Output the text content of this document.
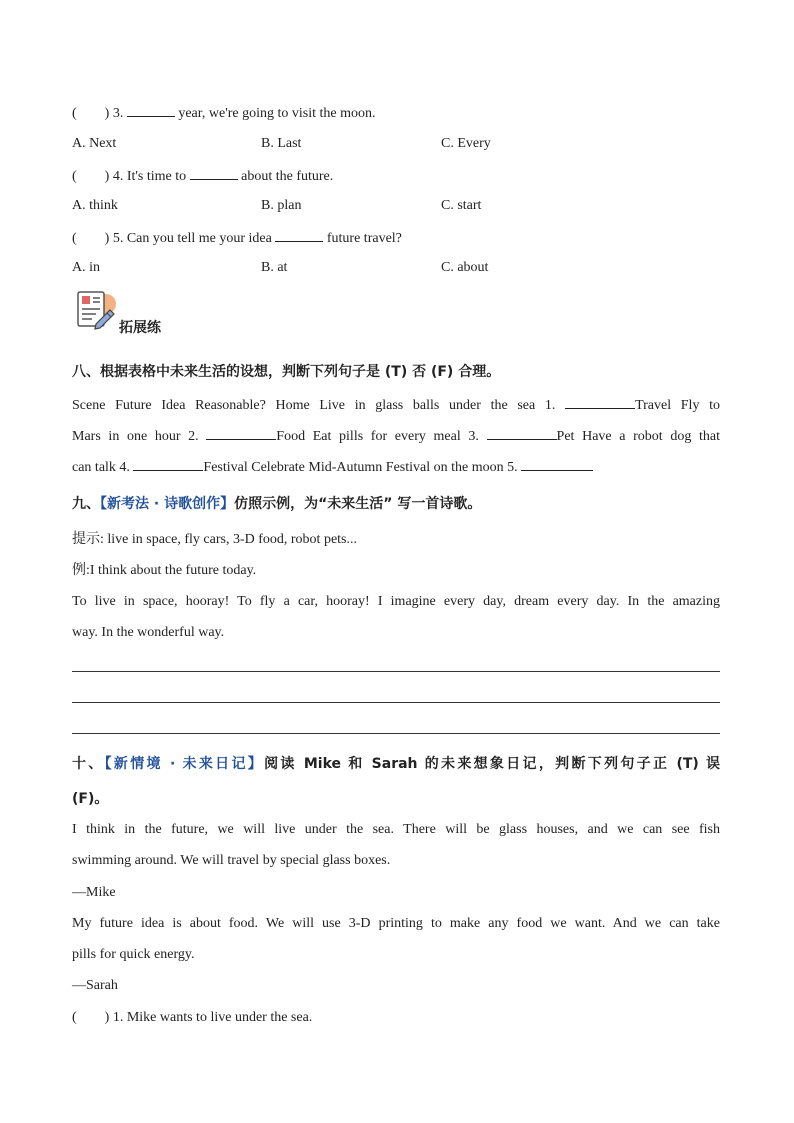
( ) 3.	year, we're going to visit the moon.
A. Next	B. Last	C. Every
( ) 4. It's time to	about the future.
A. think	B. plan	C. start
( ) 5. Can you tell me your idea	future travel?
A. in	B. at	C. about
拓展练
八、根据表格中未来生活的设想，判断下列句子是 (T) 否 (F) 合理。
Scene Future Idea Reasonable? Home Live in glass balls under the sea 1.	Travel Fly to
Mars in one hour 2.	Food Eat pills for every meal 3.	Pet Have a robot dog that
can talk 4.	Festival Celebrate Mid-Autumn Festival on the moon 5.
九、【新考法 · 诗歌创作】仿照示例，为“未来生活” 写一首诗歌。
提示: live in space, fly cars, 3-D food, robot pets...
例:I think about the future today.
To live in space, hooray! To fly a car, hooray! I imagine every day, dream every day. In the amazing
way. In the wonderful way.
十、【新情境 · 未来日记】阅读 Mike 和 Sarah 的未来想象日记，判断下列句子正 (T) 误
(F)。
I think in the future, we will live under the sea. There will be glass houses, and we can see fish
swimming around. We will travel by special glass boxes.
—Mike
My future idea is about food. We will use 3-D printing to make any food we want. And we can take
pills for quick energy.
—Sarah
( ) 1. Mike wants to live under the sea.
